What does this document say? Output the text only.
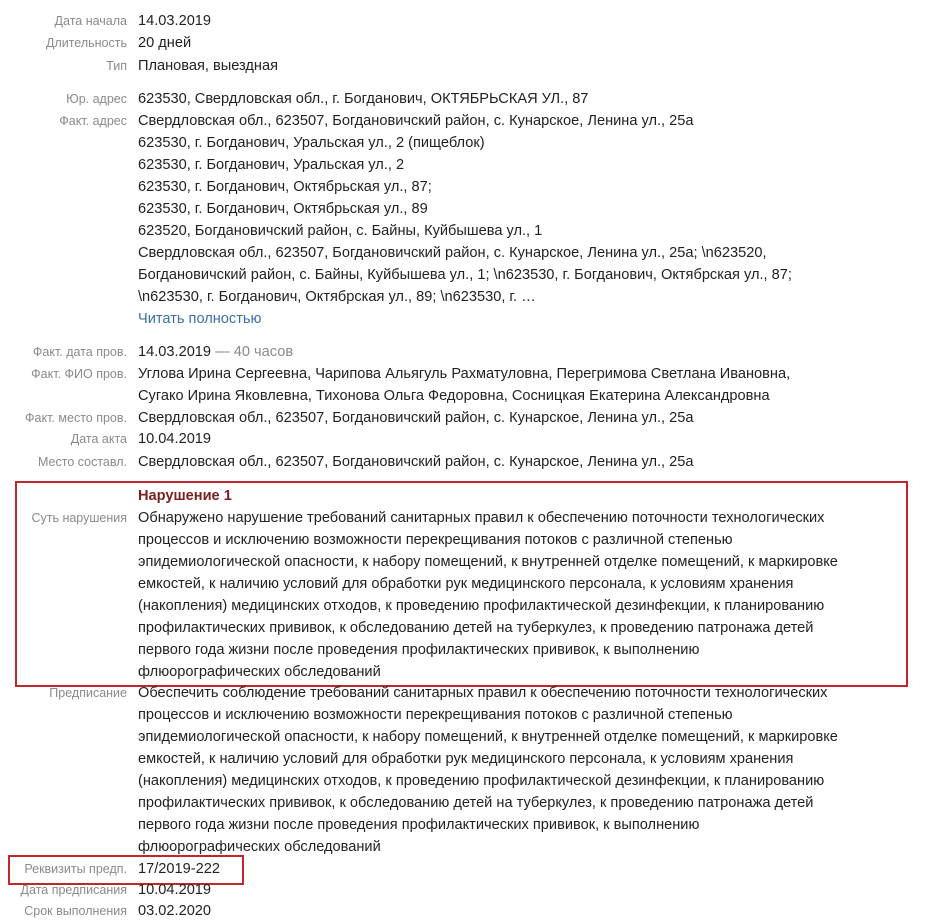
Дата начала 14.03.2019
Длительность 20 дней
Тип Плановая, выездная
Юр. адрес 623530, Свердловская обл., г. Богданович, ОКТЯБРЬСКАЯ УЛ., 87
Факт. адрес Свердловская обл., 623507, Богдановичский район, с. Кунарское, Ленина ул., 25а
623530, г. Богданович, Уральская ул., 2 (пищеблок)
623530, г. Богданович, Уральская ул., 2
623530, г. Богданович, Октябрьская ул., 87;
623530, г. Богданович, Октябрьская ул., 89
623520, Богдановичский район, с. Байны, Куйбышева ул., 1
Свердловская обл., 623507, Богдановичский район, с. Кунарское, Ленина ул., 25а; \n623520,
Богдановичский район, с. Байны, Куйбышева ул., 1; \n623530, г. Богданович, Октябрская ул., 87;
\n623530, г. Богданович, Октябрская ул., 89; \n623530, г. …
Читать полностью
Факт. дата пров. 14.03.2019 — 40 часов
Факт. ФИО пров. Углова Ирина Сергеевна, Чарипова Альягуль Рахматуловна, Перегримова Светлана Ивановна,
Сугако Ирина Яковлевна, Тихонова Ольга Федоровна, Сосницкая Екатерина Александровна
Факт. место пров. Свердловская обл., 623507, Богдановичский район, с. Кунарское, Ленина ул., 25а
Дата акта 10.04.2019
Место составл. Свердловская обл., 623507, Богдановичский район, с. Кунарское, Ленина ул., 25а
Нарушение 1
Суть нарушения Обнаружено нарушение требований санитарных правил к обеспечению поточности технологических
процессов и исключению возможности перекрещивания потоков с различной степенью
эпидемиологической опасности, к набору помещений, к внутренней отделке помещений, к маркировке
емкостей, к наличию условий для обработки рук медицинского персонала, к условиям хранения
(накопления) медицинских отходов, к проведению профилактической дезинфекции, к планированию
профилактических прививок, к обследованию детей на туберкулез, к проведению патронажа детей
первого года жизни после проведения профилактических прививок, к выполнению
флюорографических обследований
Предписание Обеспечить соблюдение требований санитарных правил к обеспечению поточности технологических
процессов и исключению возможности перекрещивания потоков с различной степенью
эпидемиологической опасности, к набору помещений, к внутренней отделке помещений, к маркировке
емкостей, к наличию условий для обработки рук медицинского персонала, к условиям хранения
(накопления) медицинских отходов, к проведению профилактической дезинфекции, к планированию
профилактических прививок, к обследованию детей на туберкулез, к проведению патронажа детей
первого года жизни после проведения профилактических прививок, к выполнению
флюорографических обследований
Реквизиты предп. 17/2019-222
Дата предписания 10.04.2019
Срок выполнения 03.02.2020
